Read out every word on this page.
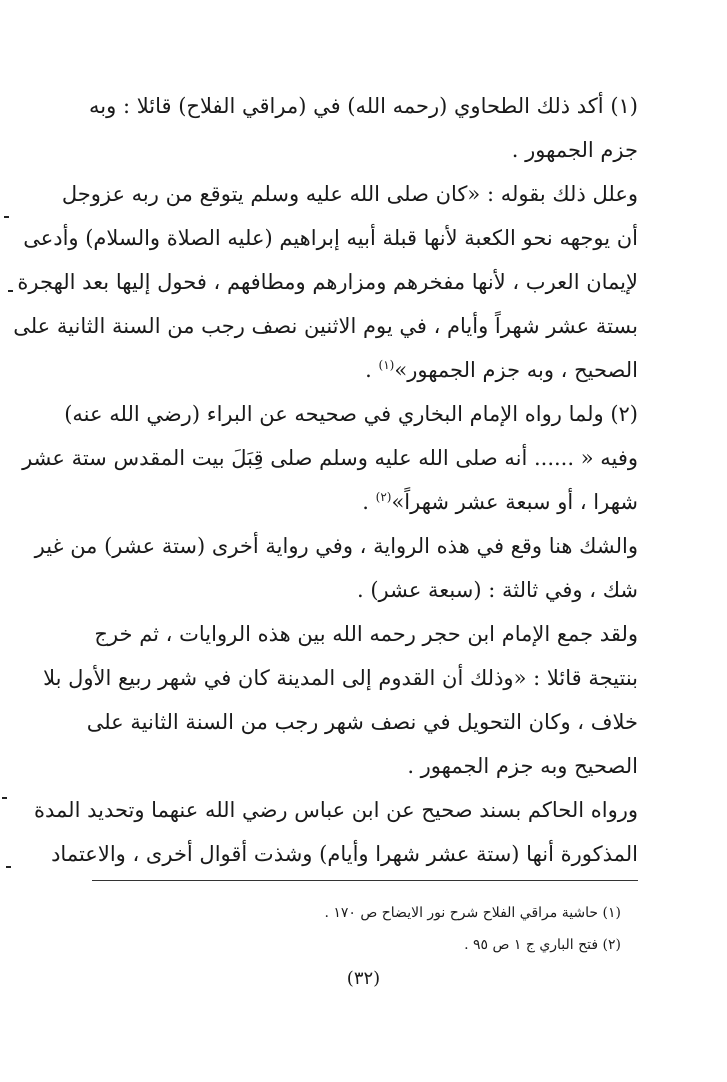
(١) أكد ذلك الطحاوي (رحمه الله) في (مراقي الفلاح) قائلا : وبه
جزم الجمهور .
وعلل ذلك بقوله : «كان صلى الله عليه وسلم يتوقع من ربه عزوجل
أن يوجهه نحو الكعبة لأنها قبلة أبيه إبراهيم (عليه الصلاة والسلام) وأدعى
لإيمان العرب ، لأنها مفخرهم ومزارهم ومطافهم ، فحول إليها بعد الهجرة
بستة عشر شهراً وأيام ، في يوم الاثنين نصف رجب من السنة الثانية على
الصحيح ، وبه جزم الجمهور»$^{(١)}$ .
(٢) ولما رواه الإمام البخاري في صحيحه عن البراء (رضي الله عنه)
وفيه « ...... أنه صلى الله عليه وسلم صلى قِبَلَ بيت المقدس ستة عشر
شهرا ، أو سبعة عشر شهراً»$^{(٢)}$ .
والشك هنا وقع في هذه الرواية ، وفي رواية أخرى (ستة عشر) من غير
شك ، وفي ثالثة : (سبعة عشر) .
ولقد جمع الإمام ابن حجر رحمه الله بين هذه الروايات ، ثم خرج
بنتيجة قائلا : «وذلك أن القدوم إلى المدينة كان في شهر ربيع الأول بلا
خلاف ، وكان التحويل في نصف شهر رجب من السنة الثانية على
الصحيح وبه جزم الجمهور .
ورواه الحاكم بسند صحيح عن ابن عباس رضي الله عنهما وتحديد المدة
المذكورة أنها (ستة عشر شهرا وأيام) وشذت أقوال أخرى ، والاعتماد
(١) حاشية مراقي الفلاح شرح نور الايضاح ص ١٧٠ .
(٢) فتح الباري ج ١ ص ٩٥ .
(٣٢)
